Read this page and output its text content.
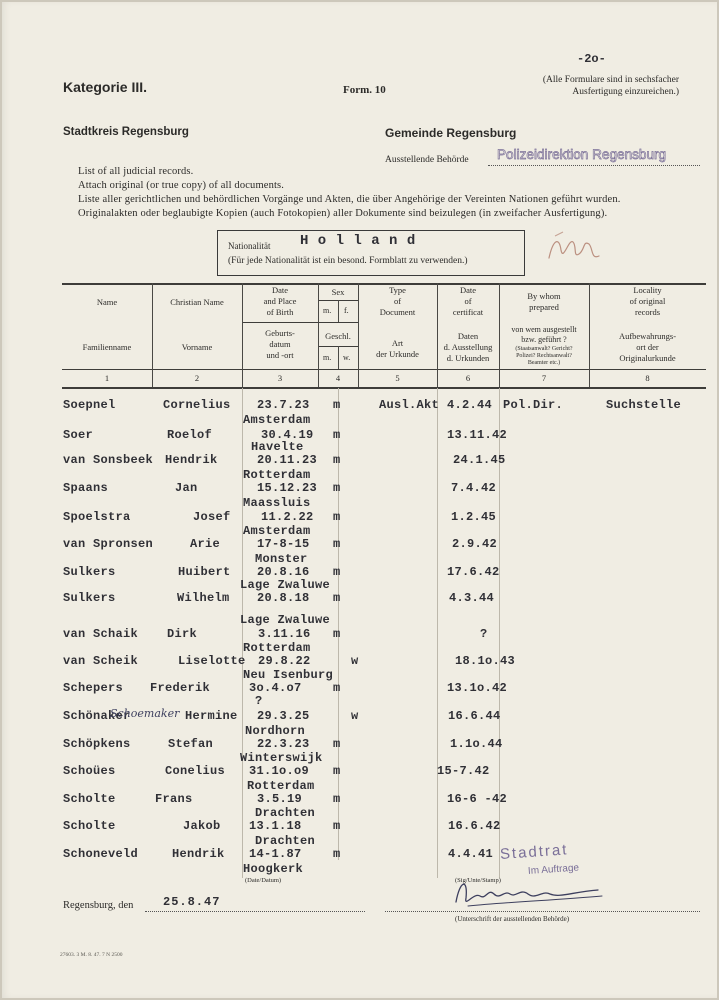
-2o-
Kategorie III.	Form. 10
(Alle Formulare sind in sechsfacher
Ausfertigung einzureichen.)
Stadtkreis Regensburg	Gemeinde Regensburg
Ausstellende Behörde Polizeidirektion Regensburg
List of all judicial records.
Attach original (or true copy) of all documents.
Liste aller gerichtlichen und behördlichen Vorgänge und Akten, die über Angehörige der Vereinten Nationen geführt wurden.
Originalakten oder beglaubigte Kopien (auch Fotokopien) aller Dokumente sind beizulegen (in zweifacher Ausfertigung).
Nationalität H o l l a n d
(Für jede Nationalität ist ein besond. Formblatt zu verwenden.)
Name
Familienname
1
Christian Name
Vorname
2
Date
and Place
of Birth
Geburts-
datum
und -ort
3
Sex
m. f.
Geschl.
m. w.
4
Type
of
Document
Art
der Urkunde
5
Date
of
certificat
Daten
d. Ausstellung
d. Urkunden
6
By whom
prepared
von wem ausgestellt
bzw. geführt ?
(Staatsanwalt? Gericht?
Polizei? Rechtsanwalt?
Beamter etc.)
7
Locality
of original
records
Aufbewahrungs-
ort der
Originalurkunde
8
Soepnel	Cornelius 23.7.23
Amsterdam
m	Ausl.Akt 4.2.44 Pol.Dir.	Suchstelle
Soer	Roelof	30.4.19
Havelte
m	13.11.42
van Sonsbeek Hendrik	20.11.23
Rotterdam
m	24.1.45
Spaans	Jan	15.12.23
Maassluis
m	7.4.42
Spoelstra	Josef	11.2.22
Amsterdam
m	1.2.45
van Spronsen	Arie	17-8-15
Monster
m	2.9.42
Sulkers	Huibert 20.8.16
Lage Zwaluwe
m	17.6.42
Sulkers	Wilhelm 20.8.18
Lage Zwaluwe
m	4.3.44
van Schaik Dirk	3.11.16
Rotterdam
m	?
van Scheik	Liselotte 29.8.22
Neu Isenburg
w	18.1o.43
Schepers Frederik	3o.4.o7
?
m	13.1o.42
Schönaker
Schoemaker Hermine 29.3.25
Nordhorn
w	16.6.44
Schöpkens	Stefan	22.3.23
Winterswijk
m	1.1o.44
Schoües	Conelius 31.1o.o9
Rotterdam
m	15-7.42
Scholte	Frans	3.5.19
Drachten
m	16-6 -42
Scholte	Jakob 13.1.18
Drachten
m	16.6.42
Schoneveld	Hendrik 14-1.87
Hoogkerk
m	4.4.41
(Date/Datum)	(Sig/Unte/Stamp)
Stadtrat
Im Auftrage
Regensburg, den 25.8.47
(Unterschrift der ausstellenden Behörde)
27603. 3 M. 8. 47. 7 N 2500
